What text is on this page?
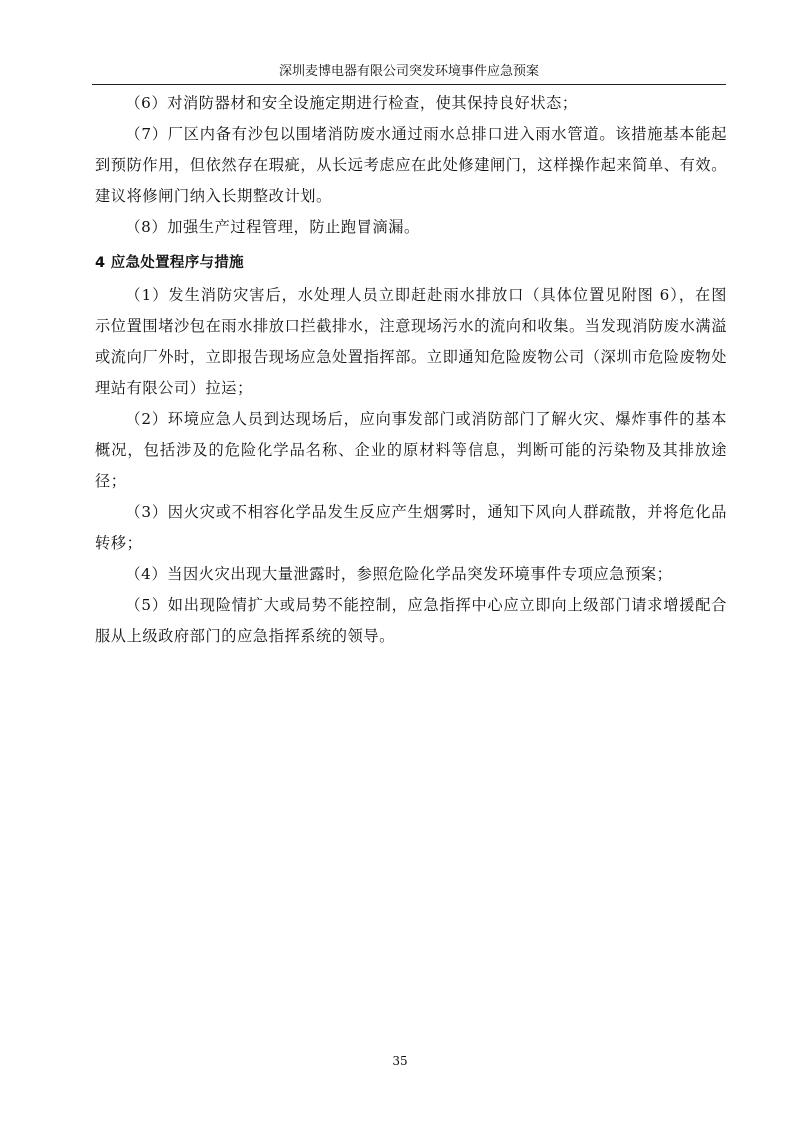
深圳麦博电器有限公司突发环境事件应急预案

（6）对消防器材和安全设施定期进行检查，使其保持良好状态；

（7）厂区内备有沙包以围堵消防废水通过雨水总排口进入雨水管道。该措施基本能起到预防作用，但依然存在瑕疵，从长远考虑应在此处修建闸门，这样操作起来简单、有效。建议将修闸门纳入长期整改计划。

（8）加强生产过程管理，防止跑冒滴漏。

4 应急处置程序与措施

（1）发生消防灾害后，水处理人员立即赶赴雨水排放口（具体位置见附图 6），在图示位置围堵沙包在雨水排放口拦截排水，注意现场污水的流向和收集。当发现消防废水满溢或流向厂外时，立即报告现场应急处置指挥部。立即通知危险废物公司（深圳市危险废物处理站有限公司）拉运；

（2）环境应急人员到达现场后，应向事发部门或消防部门了解火灾、爆炸事件的基本概况，包括涉及的危险化学品名称、企业的原材料等信息，判断可能的污染物及其排放途径；

（3）因火灾或不相容化学品发生反应产生烟雾时，通知下风向人群疏散，并将危化品转移；

（4）当因火灾出现大量泄露时，参照危险化学品突发环境事件专项应急预案；

（5）如出现险情扩大或局势不能控制，应急指挥中心应立即向上级部门请求增援配合服从上级政府部门的应急指挥系统的领导。

35
